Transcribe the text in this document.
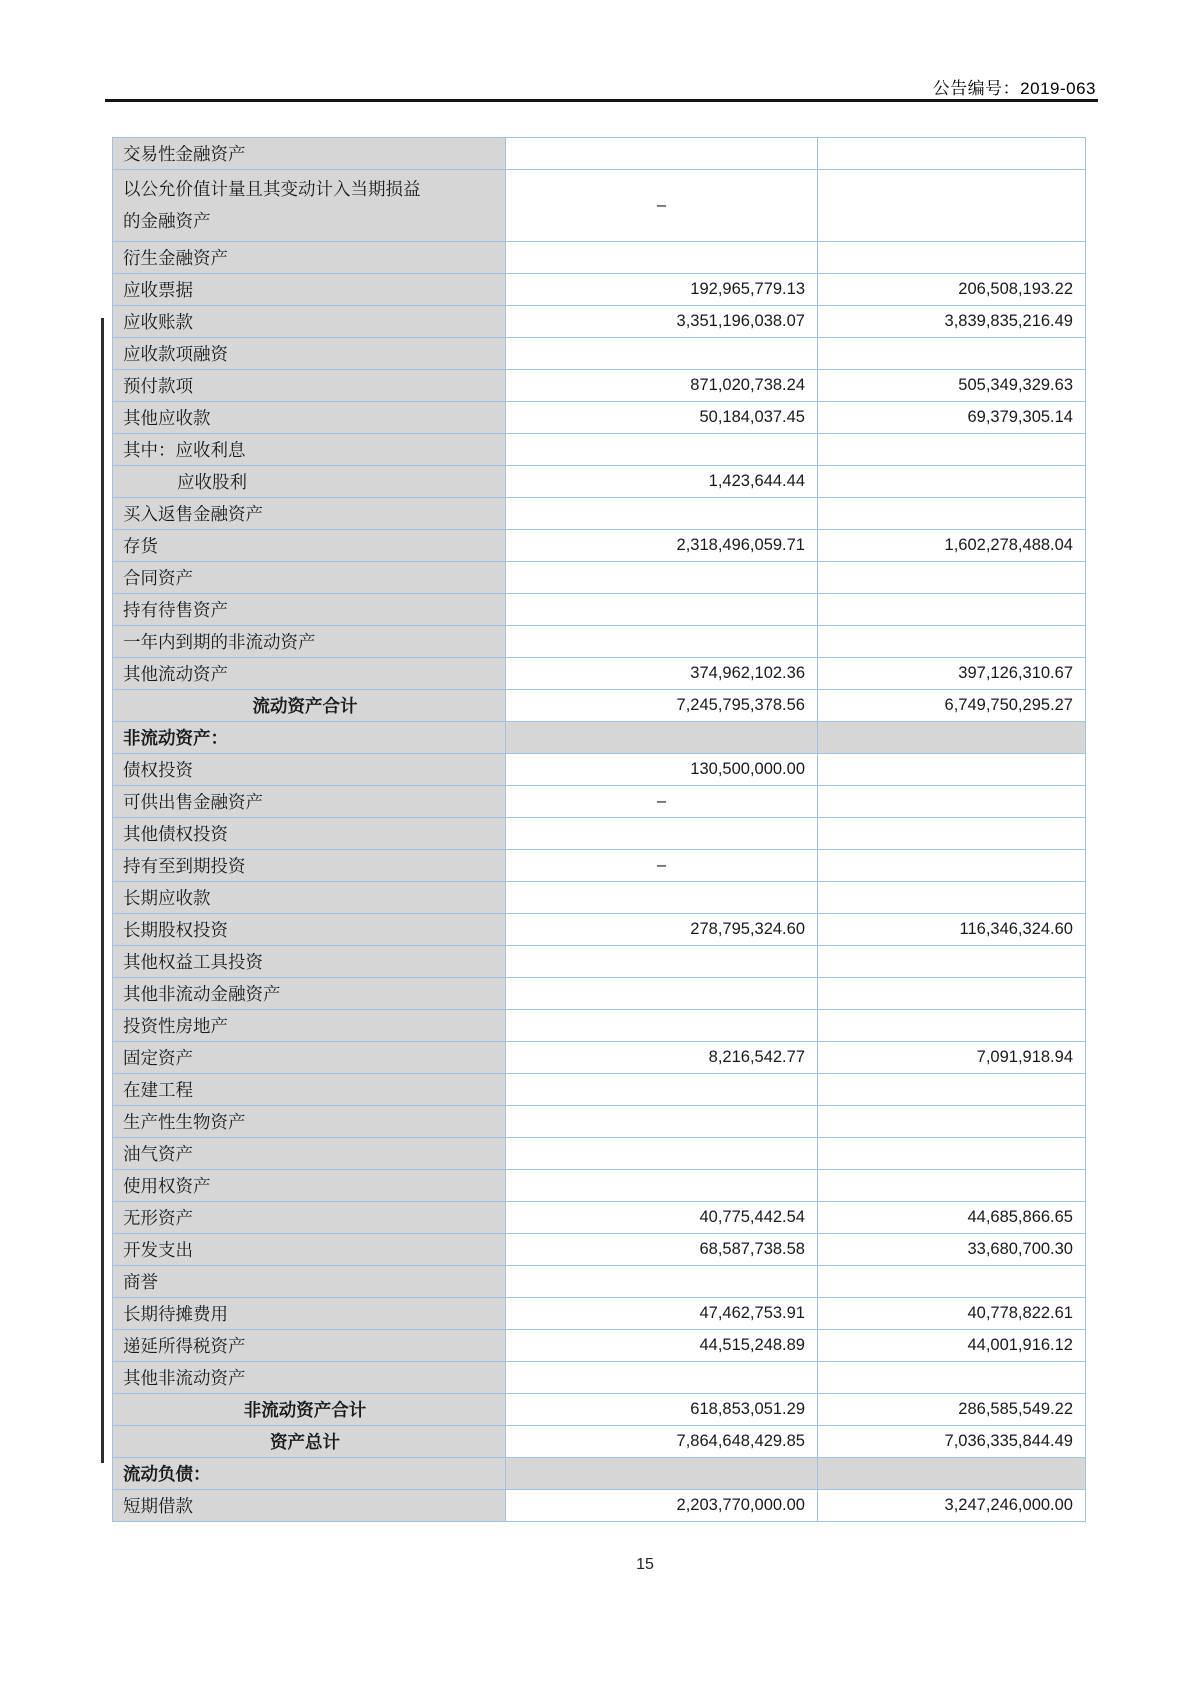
公告编号：2019-063
交易性金融资产		
以公允价值计量且其变动计入当期损益的金融资产	–	
衍生金融资产		
应收票据	192,965,779.13	206,508,193.22
应收账款	3,351,196,038.07	3,839,835,216.49
应收款项融资		
预付款项	871,020,738.24	505,349,329.63
其他应收款	50,184,037.45	69,379,305.14
其中：应收利息		
应收股利	1,423,644.44	
买入返售金融资产		
存货	2,318,496,059.71	1,602,278,488.04
合同资产		
持有待售资产		
一年内到期的非流动资产		
其他流动资产	374,962,102.36	397,126,310.67
流动资产合计	7,245,795,378.56	6,749,750,295.27
非流动资产：		
债权投资	130,500,000.00	
可供出售金融资产	–	
其他债权投资		
持有至到期投资	–	
长期应收款		
长期股权投资	278,795,324.60	116,346,324.60
其他权益工具投资		
其他非流动金融资产		
投资性房地产		
固定资产	8,216,542.77	7,091,918.94
在建工程		
生产性生物资产		
油气资产		
使用权资产		
无形资产	40,775,442.54	44,685,866.65
开发支出	68,587,738.58	33,680,700.30
商誉		
长期待摊费用	47,462,753.91	40,778,822.61
递延所得税资产	44,515,248.89	44,001,916.12
其他非流动资产		
非流动资产合计	618,853,051.29	286,585,549.22
资产总计	7,864,648,429.85	7,036,335,844.49
流动负债：		
短期借款	2,203,770,000.00	3,247,246,000.00
15
